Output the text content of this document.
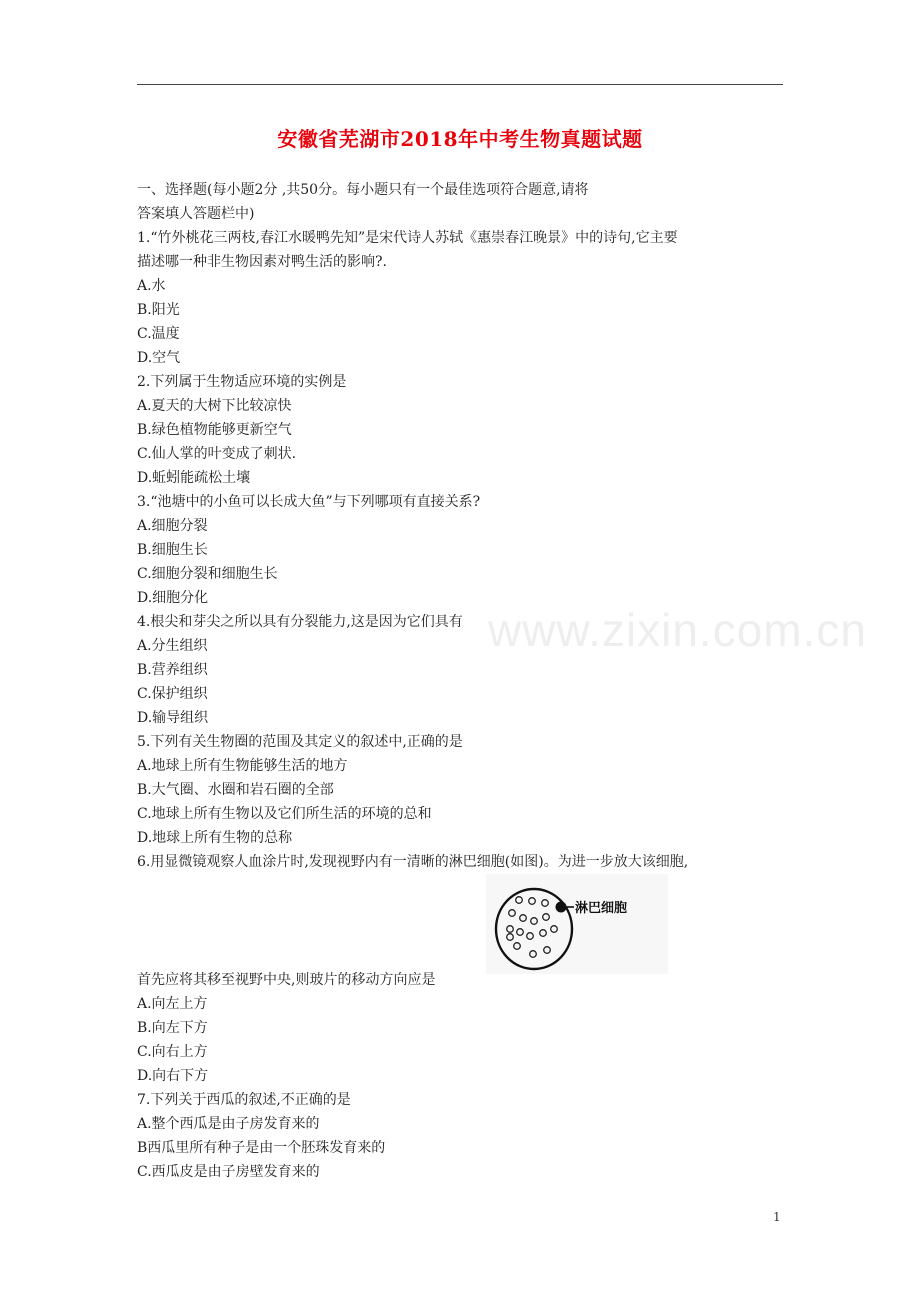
安徽省芜湖市2018年中考生物真题试题
一、选择题(每小题2分 ,共50分。每小题只有一个最佳选项符合题意,请将
答案填人答题栏中)
1.“竹外桃花三两枝,春江水暖鸭先知”是宋代诗人苏轼《惠崇春江晚景》中的诗句,它主要
描述哪一种非生物因素对鸭生活的影响?.
A.水
B.阳光
C.温度
D.空气
2.下列属于生物适应环境的实例是
A.夏天的大树下比较凉快
B.绿色植物能够更新空气
C.仙人掌的叶变成了刺状.
D.蚯蚓能疏松土壤
3.“池塘中的小鱼可以长成大鱼”与下列哪项有直接关系?
A.细胞分裂
B.细胞生长
C.细胞分裂和细胞生长
D.细胞分化
4.根尖和芽尖之所以具有分裂能力,这是因为它们具有
A.分生组织
B.营养组织
C.保护组织
D.输导组织
5.下列有关生物圈的范围及其定义的叙述中,正确的是
A.地球上所有生物能够生活的地方
B.大气圈、水圈和岩石圈的全部
C.地球上所有生物以及它们所生活的环境的总和
D.地球上所有生物的总称
6.用显微镜观察人血涂片时,发现视野内有一清晰的淋巴细胞(如图)。为进一步放大该细胞,
淋巴细胞
首先应将其移至视野中央,则玻片的移动方向应是
A.向左上方
B.向左下方
C.向右上方
D.向右下方
7.下列关于西瓜的叙述,不正确的是
A.整个西瓜是由子房发育来的
B西瓜里所有种子是由一个胚珠发育来的
C.西瓜皮是由子房壁发育来的
www.zixin.com.cn
1
